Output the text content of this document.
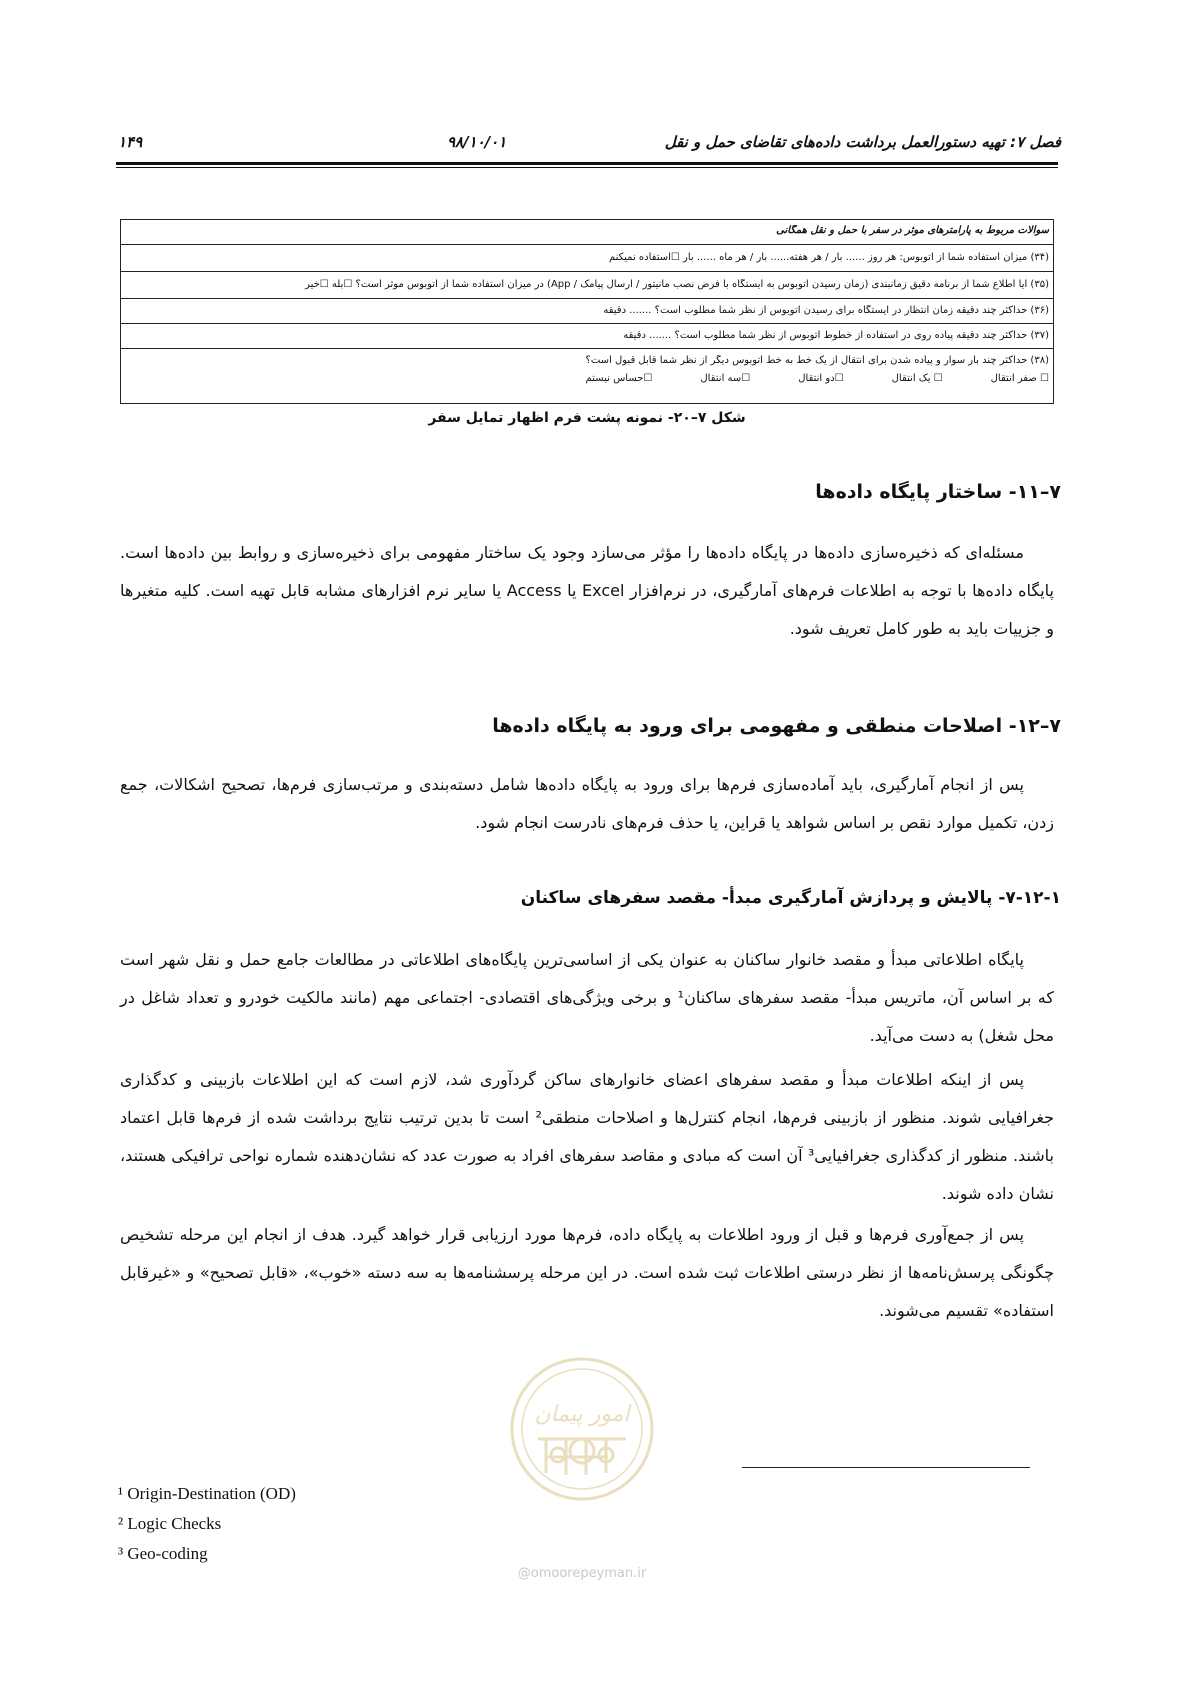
فصل ۷: تهیه دستورالعمل برداشت داده‌های تقاضای حمل و نقل
۹۸/۱۰/۰۱
۱۴۹
سوالات مربوط به پارامترهای موثر در سفر با حمل و نقل همگانی
(۳۴) میزان استفاده شما از اتوبوس: هر روز ...... بار / هر هفته...... بار / هر ماه ...... بار ☐استفاده نمیکنم
(۳۵) آیا اطلاع شما از برنامه دقیق زمانبندی (زمان رسیدن اتوبوس به ایستگاه با فرض نصب مانیتور / ارسال پیامک / App) در میزان استفاده شما از اتوبوس موثر است؟ ☐بله ☐خیر
(۳۶) حداکثر چند دقیقه زمان انتظار در ایستگاه برای رسیدن اتوبوس از نظر شما مطلوب است؟ ....... دقیقه
(۳۷) حداکثر چند دقیقه پیاده روی در استفاده از خطوط اتوبوس از نظر شما مطلوب است؟ ....... دقیقه
(۳۸) حداکثر چند بار سوار و پیاده شدن برای انتقال از یک خط به خط اتوبوس دیگر از نظر شما قابل قبول است؟
☐ صفر انتقال
☐ یک انتقال
☐دو انتقال
☐سه انتقال
☐حساس نیستم
شکل ۷–۲۰- نمونه پشت فرم اظهار تمایل سفر
۷–۱۱- ساختار پایگاه داده‌ها
مسئله‌ای که ذخیره‌سازی داده‌ها در پایگاه داده‌ها را مؤثر می‌سازد وجود یک ساختار مفهومی برای ذخیره‌سازی و روابط بین داده‌ها است. پایگاه داده‌ها با توجه به اطلاعات فرم‌های آمارگیری، در نرم‌افزار Excel یا Access یا سایر نرم افزارهای مشابه قابل تهیه است. کلیه متغیرها و جزییات باید به طور کامل تعریف شود.
۷–۱۲- اصلاحات منطقی و مفهومی برای ورود به پایگاه داده‌ها
پس از انجام آمارگیری، باید آماده‌سازی فرم‌ها برای ورود به پایگاه داده‌ها شامل دسته‌بندی و مرتب‌سازی فرم‌ها، تصحیح اشکالات، جمع زدن، تکمیل موارد نقص بر اساس شواهد یا قراین، یا حذف فرم‌های نادرست انجام شود.
۷-۱۲-۱- پالایش و پردازش آمارگیری مبدأ- مقصد سفرهای ساکنان
پایگاه اطلاعاتی مبدأ و مقصد خانوار ساکنان به عنوان یکی از اساسی‌ترین پایگاه‌های اطلاعاتی در مطالعات جامع حمل و نقل شهر است که بر اساس آن، ماتریس مبدأ- مقصد سفرهای ساکنان¹ و برخی ویژگی‌های اقتصادی- اجتماعی مهم (مانند مالکیت خودرو و تعداد شاغل در محل شغل) به دست می‌آید.
پس از اینکه اطلاعات مبدأ و مقصد سفرهای اعضای خانوارهای ساکن گردآوری شد، لازم است که این اطلاعات بازبینی و کدگذاری جغرافیایی شوند. منظور از بازبینی فرم‌ها، انجام کنترل‌ها و اصلاحات منطقی² است تا بدین ترتیب نتایج برداشت شده از فرم‌ها قابل اعتماد باشند. منظور از کدگذاری جغرافیایی³ آن است که مبادی و مقاصد سفرهای افراد به صورت عدد که نشان‌دهنده شماره نواحی ترافیکی هستند، نشان داده شوند.
پس از جمع‌آوری فرم‌ها و قبل از ورود اطلاعات به پایگاه داده، فرم‌ها مورد ارزیابی قرار خواهد گیرد. هدف از انجام این مرحله تشخیص چگونگی پرسش‌نامه‌ها از نظر درستی اطلاعات ثبت شده است. در این مرحله پرسشنامه‌ها به سه دسته «خوب»، «قابل تصحیح» و «غیرقابل استفاده» تقسیم می‌شوند.
امور پیمان
@omoorepeyman.ir
¹ Origin-Destination (OD)
² Logic Checks
³ Geo-coding
